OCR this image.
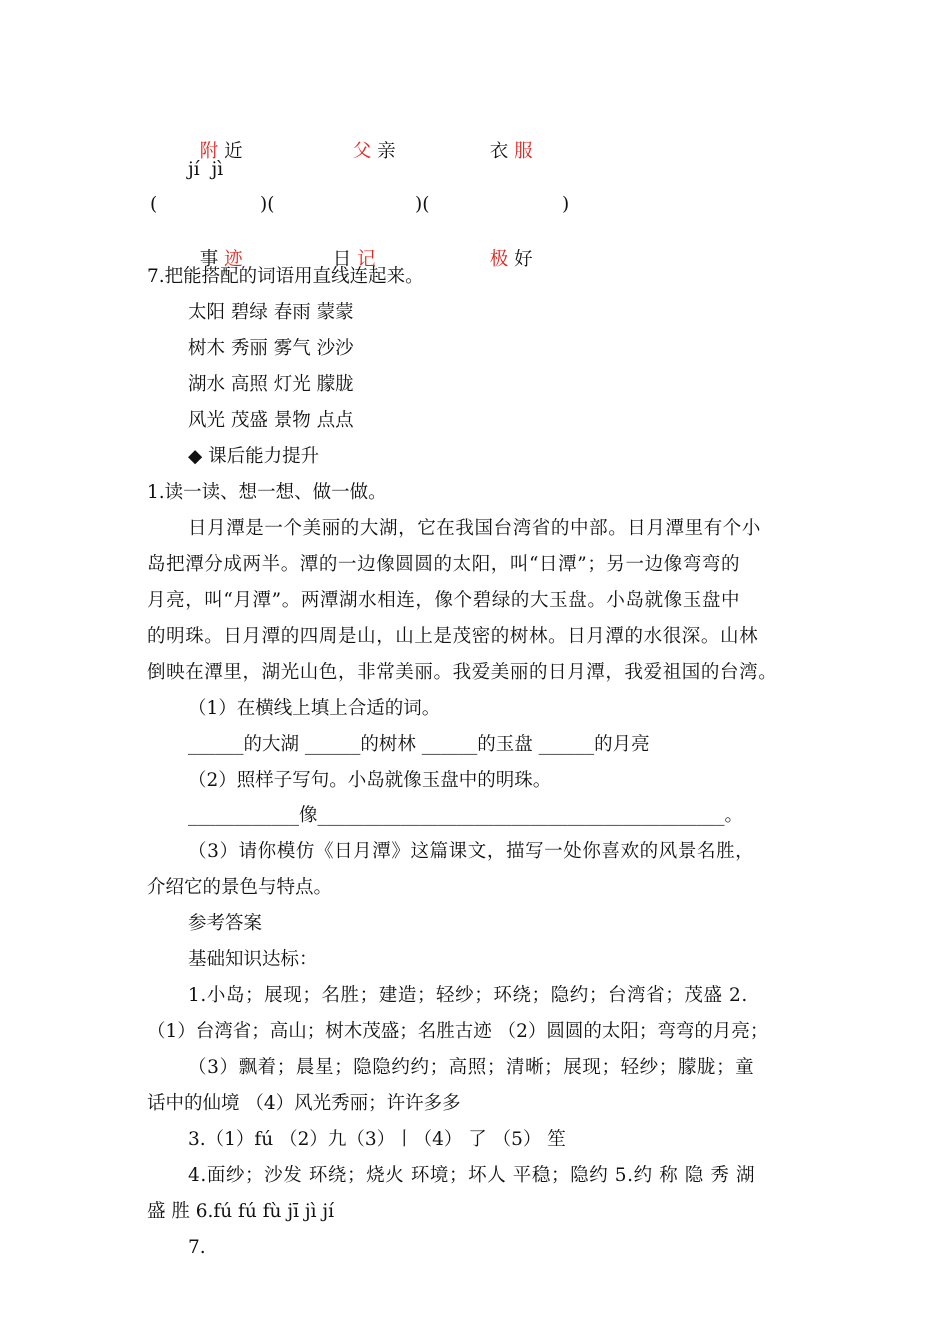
附 近	父 亲	衣 服

jí jì
(	)(	)(	)

事 迹	日 记	极 好

7.把能搭配的词语用直线连起来。
太阳 碧绿 春雨 蒙蒙
树木 秀丽 雾气 沙沙
湖水 高照 灯光 朦胧
风光 茂盛 景物 点点
◆ 课后能力提升
1.读一读、想一想、做一做。
日月潭是一个美丽的大湖，它在我国台湾省的中部。日月潭里有个小
岛把潭分成两半。潭的一边像圆圆的太阳，叫“日潭”；另一边像弯弯的
月亮，叫“月潭”。两潭湖水相连，像个碧绿的大玉盘。小岛就像玉盘中
的明珠。日月潭的四周是山，山上是茂密的树林。日月潭的水很深。山林
倒映在潭里，湖光山色，非常美丽。我爱美丽的日月潭，我爱祖国的台湾。
（1）在横线上填上合适的词。
______的大湖 ______的树林 ______的玉盘 ______的月亮
（2）照样子写句。小岛就像玉盘中的明珠。
____________像____________________________________________。
（3）请你模仿《日月潭》这篇课文，描写一处你喜欢的风景名胜，
介绍它的景色与特点。
参考答案
基础知识达标：
1.小岛；展现；名胜；建造；轻纱；环绕；隐约；台湾省；茂盛 2.
（1）台湾省；高山；树木茂盛；名胜古迹 （2）圆圆的太阳；弯弯的月亮；
（3）飘着；晨星；隐隐约约；高照；清晰；展现；轻纱；朦胧；童
话中的仙境 （4）风光秀丽；许许多多
3.（1）fú （2）九（3）丨（4） 了 （5） 笙
4.面纱；沙发 环绕；烧火 环境；坏人 平稳；隐约 5.约 称 隐 秀 湖
盛 胜 6.fú fú fù jī jì jí
7.
